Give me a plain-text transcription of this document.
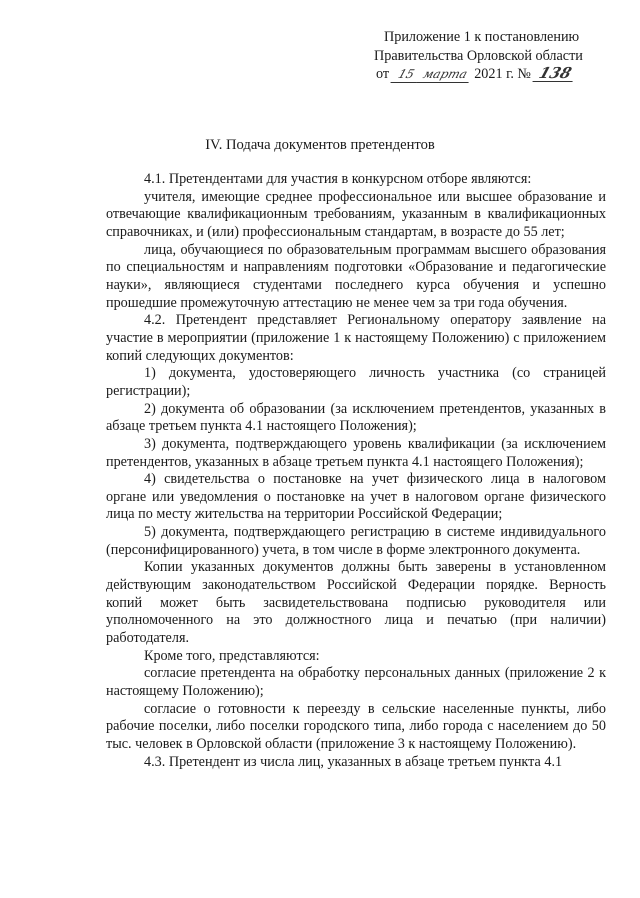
Приложение 1 к постановлению
Правительства Орловской области
от 15 марта 2021 г. № 138
IV. Подача документов претендентов

4.1. Претендентами для участия в конкурсном отборе являются:

учителя, имеющие среднее профессиональное или высшее образование и отвечающие квалификационным требованиям, указанным в квалификационных справочниках, и (или) профессиональным стандартам, в возрасте до 55 лет;

лица, обучающиеся по образовательным программам высшего образования по специальностям и направлениям подготовки «Образование и педагогические науки», являющиеся студентами последнего курса обучения и успешно прошедшие промежуточную аттестацию не менее чем за три года обучения.

4.2. Претендент представляет Региональному оператору заявление на участие в мероприятии (приложение 1 к настоящему Положению) с приложением копий следующих документов:

1) документа, удостоверяющего личность участника (со страницей регистрации);

2) документа об образовании (за исключением претендентов, указанных в абзаце третьем пункта 4.1 настоящего Положения);

3) документа, подтверждающего уровень квалификации (за исключением претендентов, указанных в абзаце третьем пункта 4.1 настоящего Положения);

4) свидетельства о постановке на учет физического лица в налоговом органе или уведомления о постановке на учет в налоговом органе физического лица по месту жительства на территории Российской Федерации;

5) документа, подтверждающего регистрацию в системе индивидуального (персонифицированного) учета, в том числе в форме электронного документа.

Копии указанных документов должны быть заверены в установленном действующим законодательством Российской Федерации порядке. Верность копий может быть засвидетельствована подписью руководителя или уполномоченного на это должностного лица и печатью (при наличии) работодателя.

Кроме того, представляются:

согласие претендента на обработку персональных данных (приложение 2 к настоящему Положению);

согласие о готовности к переезду в сельские населенные пункты, либо рабочие поселки, либо поселки городского типа, либо города с населением до 50 тыс. человек в Орловской области (приложение 3 к настоящему Положению).

4.3. Претендент из числа лиц, указанных в абзаце третьем пункта 4.1
